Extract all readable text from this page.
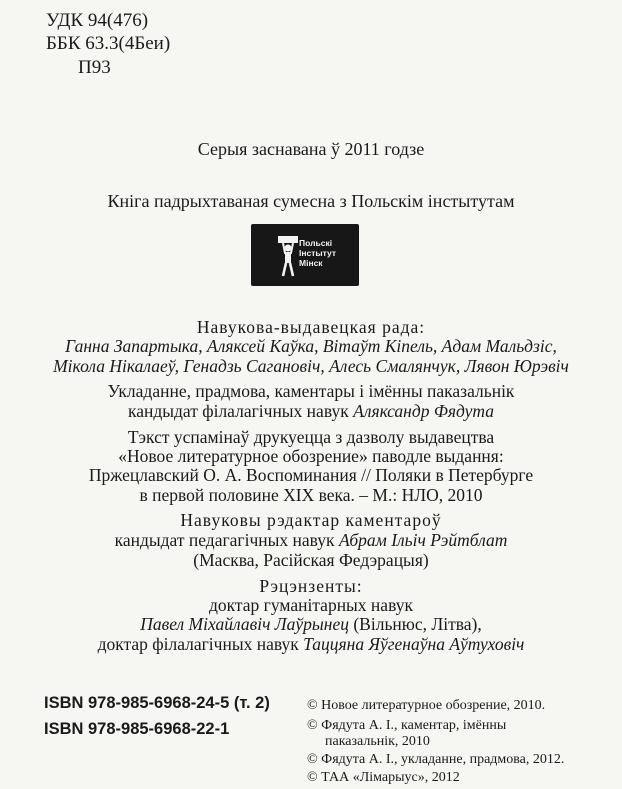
УДК 94(476)
ББК 63.3(4Беи)
П93
Серыя заснавана ў 2011 годзе
Кніга падрыхтаваная сумесна з Польскім інстытутам
Польскі
Інстытут
Мінск
Навукова-выдавецкая рада:
Ганна Запартыка, Аляксей Каўка, Вітаўт Кіпель, Адам Мальдзіс,
Мікола Нікалаеў, Генадзь Сагановіч, Алесь Смалянчук, Лявон Юрэвіч
Укладанне, прадмова, каментары і імённы паказальнік
кандыдат філалагічных навук Аляксандр Фядута
Тэкст успамінаў друкуецца з дазволу выдавецтва
«Новое литературное обозрение» паводле выдання:
Пржецлавский О. А. Воспоминания // Поляки в Петербурге
в первой половине XIX века. – М.: НЛО, 2010
Навуковы рэдактар каментароў
кандыдат педагагічных навук Абрам Ільіч Рэйтблат
(Масква, Расійская Федэрацыя)
Рэцэнзенты:
доктар гуманітарных навук
Павел Міхайлавіч Лаўрынец (Вільнюс, Літва),
доктар філалагічных навук Таццяна Яўгенаўна Аўтуховіч
ISBN 978-985-6968-24-5 (т. 2)
ISBN 978-985-6968-22-1
© Новое литературное обозрение, 2010.
© Фядута А. І., каментар, імённы
паказальнік, 2010
© Фядута А. І., укладанне, прадмова, 2012.
© ТАА «Лімарыус», 2012
